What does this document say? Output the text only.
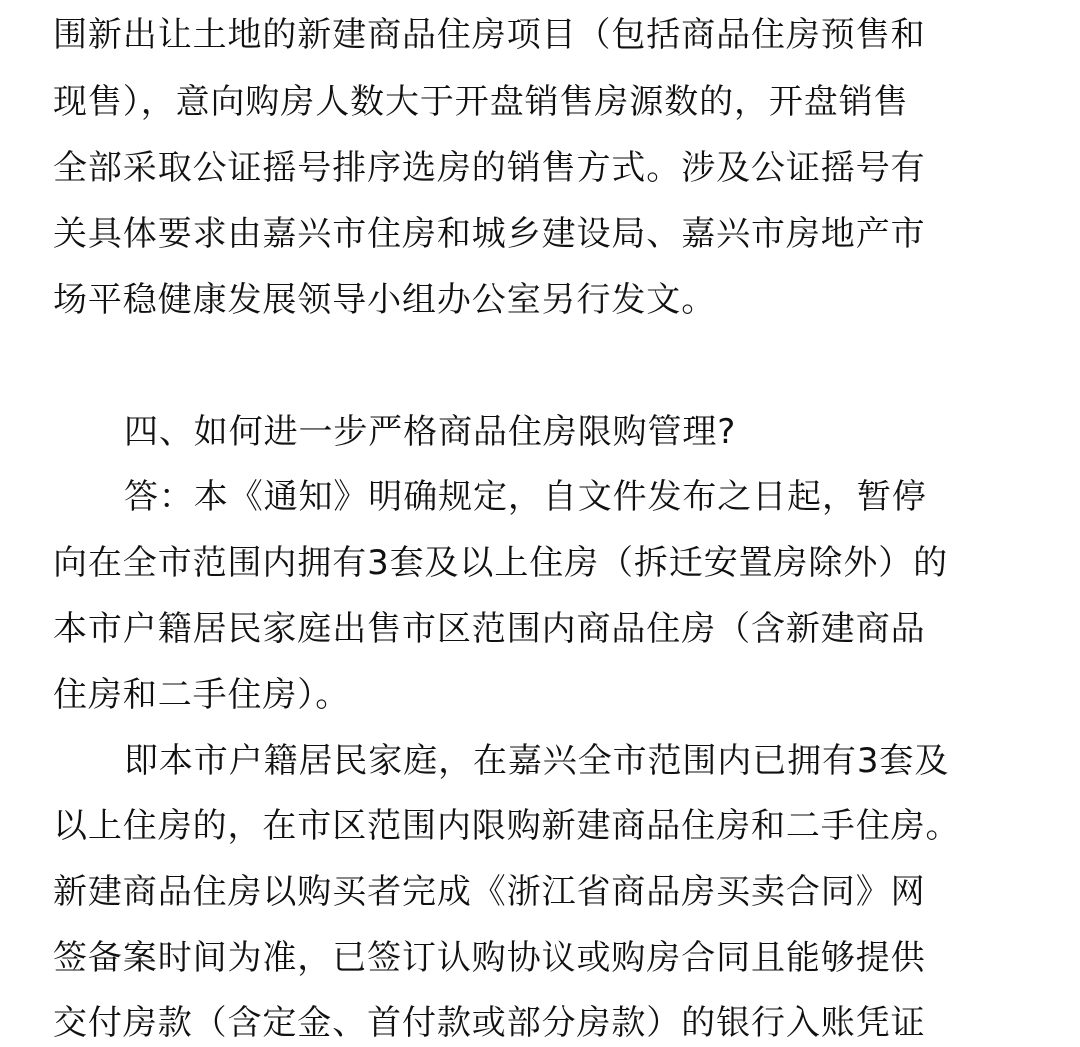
围新出让土地的新建商品住房项目（包括商品住房预售和
现售），意向购房人数大于开盘销售房源数的，开盘销售
全部采取公证摇号排序选房的销售方式。涉及公证摇号有
关具体要求由嘉兴市住房和城乡建设局、嘉兴市房地产市
场平稳健康发展领导小组办公室另行发文。
四、如何进一步严格商品住房限购管理?
答：本《通知》明确规定，自文件发布之日起，暂停
向在全市范围内拥有3套及以上住房（拆迁安置房除外）的
本市户籍居民家庭出售市区范围内商品住房（含新建商品
住房和二手住房）。
即本市户籍居民家庭，在嘉兴全市范围内已拥有3套及
以上住房的，在市区范围内限购新建商品住房和二手住房。
新建商品住房以购买者完成《浙江省商品房买卖合同》网
签备案时间为准，已签订认购协议或购房合同且能够提供
交付房款（含定金、首付款或部分房款）的银行入账凭证
